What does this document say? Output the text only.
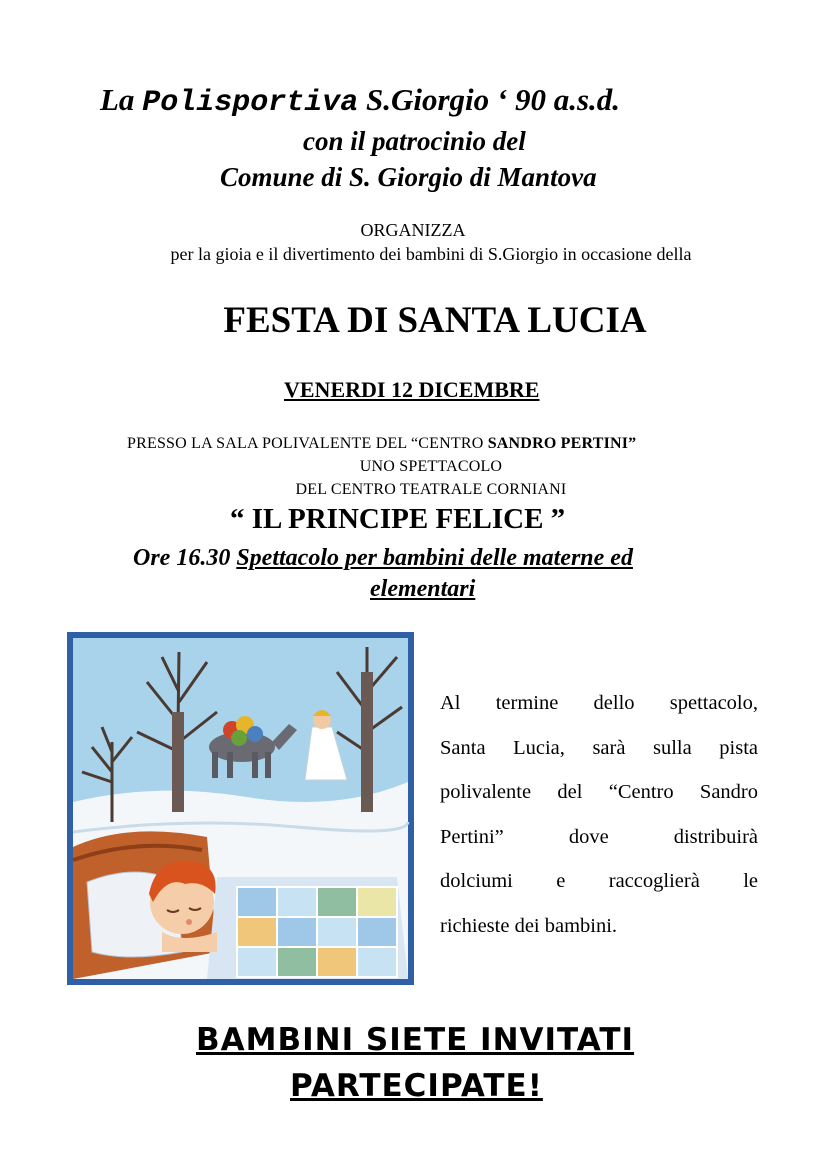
La Polisportiva S.Giorgio ‘ 90 a.s.d.
con il patrocinio del
Comune di S. Giorgio di Mantova
ORGANIZZA
per la gioia e il divertimento dei bambini di S.Giorgio in occasione della
FESTA DI SANTA LUCIA
VENERDI 12 DICEMBRE
PRESSO LA SALA POLIVALENTE DEL “CENTRO SANDRO PERTINI”
UNO SPETTACOLO
DEL CENTRO TEATRALE CORNIANI
“ IL PRINCIPE FELICE ”
Ore 16.30 Spettacolo per bambini delle materne ed
elementari
Al termine dello spettacolo,
Santa Lucia, sarà sulla pista
polivalente del “Centro Sandro
Pertini” dove distribuirà
dolciumi e raccoglierà le
richieste dei bambini.
BAMBINI SIETE INVITATI
PARTECIPATE!
